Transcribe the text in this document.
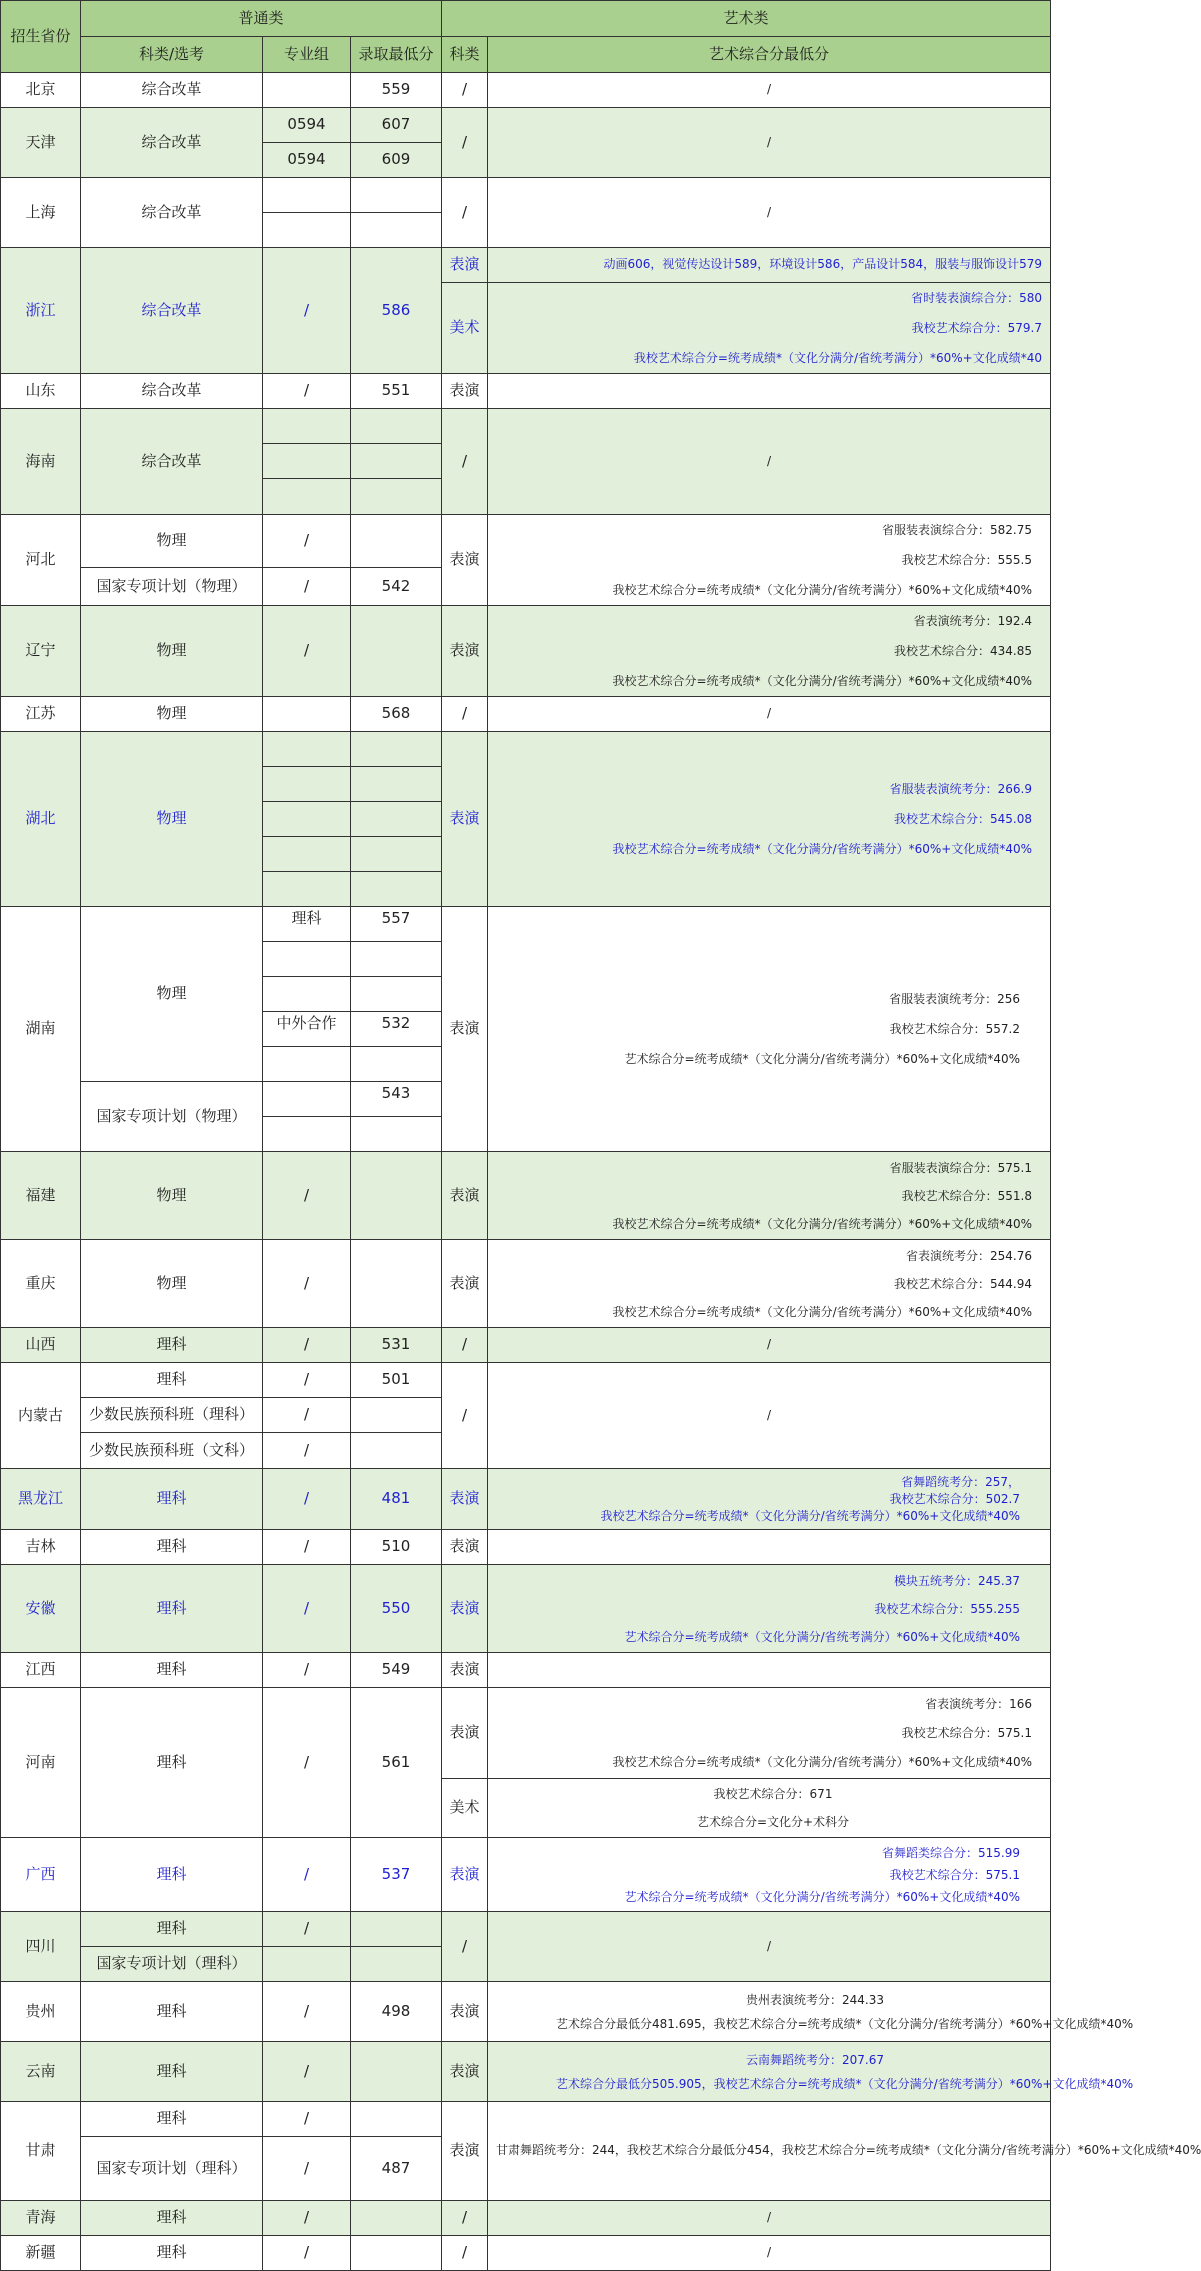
招生省份	普通类			艺术类	
	科类/选考	专业组	录取最低分	科类	艺术综合分最低分
北京	综合改革		559	/	/
天津	综合改革	0594	607	/	/
		0594	609		
上海	综合改革			/	/

浙江	综合改革	/	586	表演	动画606，视觉传达设计589，环境设计586，产品设计584，服装与服饰设计579
				美术	省时装表演综合分：580
我校艺术综合分：579.7
我校艺术综合分=统考成绩*（文化分满分/省统考满分）*60%+文化成绩*40

山东	综合改革	/	551	表演	
海南	综合改革			/	/

河北	物理	/		表演	省服装表演综合分：582.75
我校艺术综合分：555.5
我校艺术综合分=统考成绩*（文化分满分/省统考满分）*60%+文化成绩*40%

	国家专项计划（物理）	/	542		
辽宁	物理	/		表演	省表演统考分：192.4
我校艺术综合分：434.85
我校艺术综合分=统考成绩*（文化分满分/省统考满分）*60%+文化成绩*40%

江苏	物理		568	/	/
湖北	物理			表演	省服装表演统考分：266.9
我校艺术综合分：545.08
我校艺术综合分=统考成绩*（文化分满分/省统考满分）*60%+文化成绩*40%

湖南	物理	理科	557	表演	省服装表演统考分：256
我校艺术综合分：557.2
艺术综合分=统考成绩*（文化分满分/省统考满分）*60%+文化成绩*40%

		中外合作	532		

	国家专项计划（物理）		543		

福建	物理	/		表演	省服装表演综合分：575.1
我校艺术综合分：551.8
我校艺术综合分=统考成绩*（文化分满分/省统考满分）*60%+文化成绩*40%

重庆	物理	/		表演	省表演统考分：254.76
我校艺术综合分：544.94
我校艺术综合分=统考成绩*（文化分满分/省统考满分）*60%+文化成绩*40%

山西	理科	/	531	/	/
内蒙古	理科	/	501	/	/
	少数民族预科班（理科）	/			
	少数民族预科班（文科）	/			
黑龙江	理科	/	481	表演	省舞蹈统考分：257，
我校艺术综合分：502.7
我校艺术综合分=统考成绩*（文化分满分/省统考满分）*60%+文化成绩*40%

吉林	理科	/	510	表演	
安徽	理科	/	550	表演	模块五统考分：245.37
我校艺术综合分：555.255
艺术综合分=统考成绩*（文化分满分/省统考满分）*60%+文化成绩*40%

江西	理科	/	549	表演	
河南	理科	/	561	表演	省表演统考分：166
我校艺术综合分：575.1
我校艺术综合分=统考成绩*（文化分满分/省统考满分）*60%+文化成绩*40%

				美术	我校艺术综合分：671
艺术综合分=文化分+术科分

广西	理科	/	537	表演	省舞蹈类综合分：515.99
我校艺术综合分：575.1
艺术综合分=统考成绩*（文化分满分/省统考满分）*60%+文化成绩*40%

四川	理科	/		/	/
	国家专项计划（理科）				
贵州	理科	/	498	表演	贵州表演统考分：244.33
艺术综合分最低分481.695，我校艺术综合分=统考成绩*（文化分满分/省统考满分）*60%+文化成绩*40%

云南	理科	/		表演	云南舞蹈统考分：207.67
艺术综合分最低分505.905，我校艺术综合分=统考成绩*（文化分满分/省统考满分）*60%+文化成绩*40%

甘肃	理科	/		表演	甘肃舞蹈统考分：244，我校艺术综合分最低分454，我校艺术综合分=统考成绩*（文化分满分/省统考满分）*60%+文化成绩*40%
	国家专项计划（理科）	/	487		
青海	理科	/		/	/
新疆	理科	/		/	/
